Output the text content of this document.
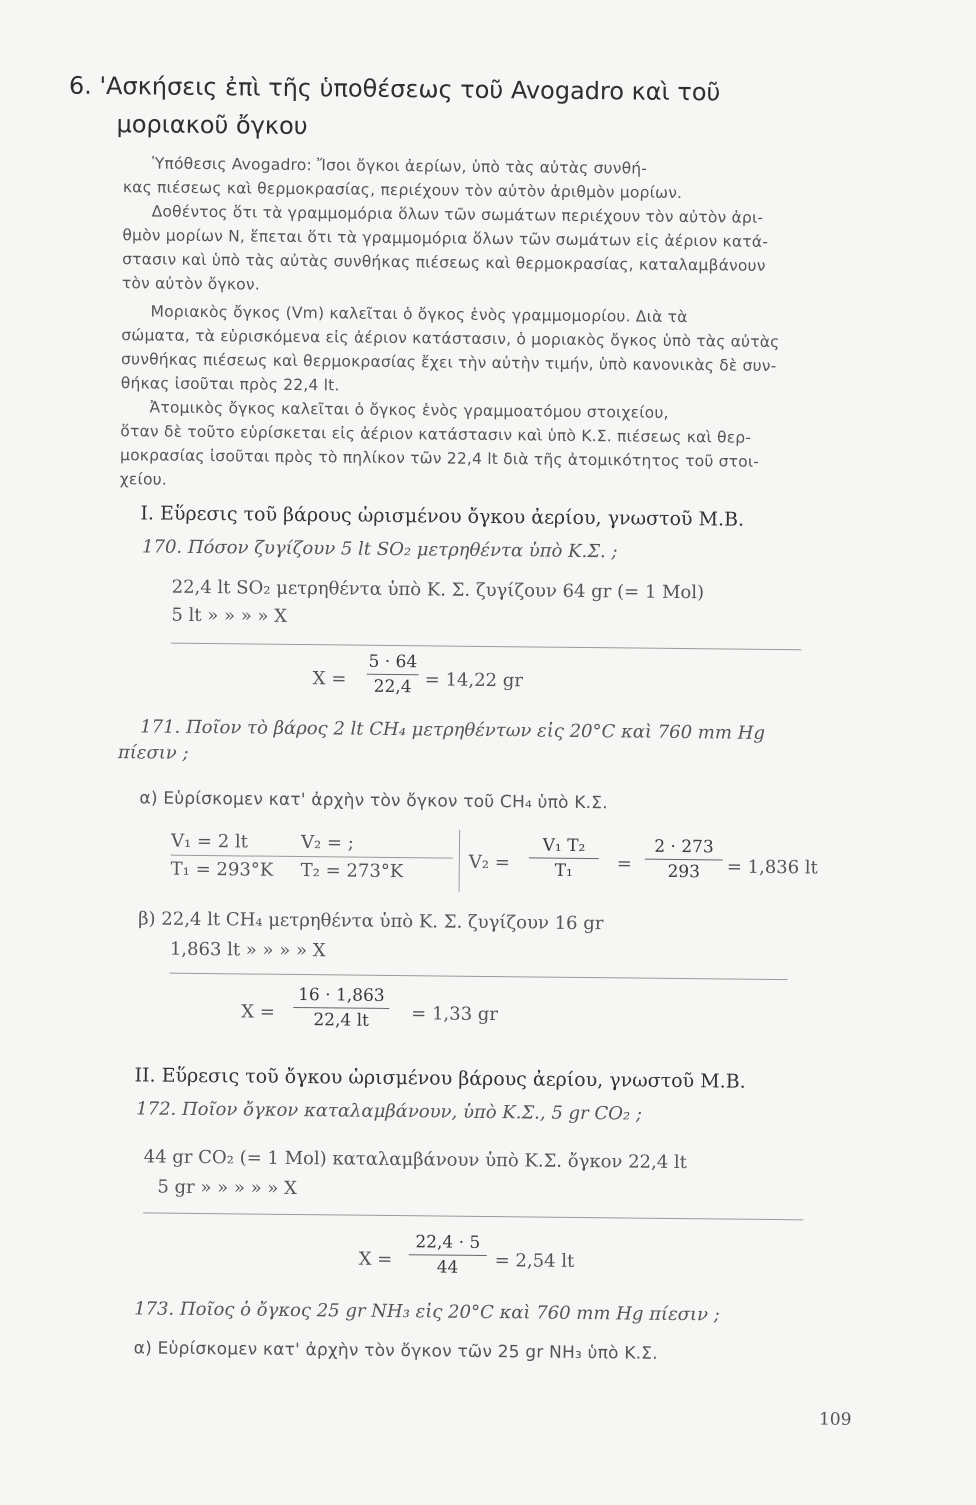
6. 'Ασκήσεις ἐπὶ τῆς ὑποθέσεως τοῦ Avogadro καὶ τοῦ
μοριακοῦ ὄγκου
Ὑπόθεσις Avogadro: Ἴσοι ὄγκοι ἀερίων, ὑπὸ τὰς αὐτὰς συνθή-
κας πιέσεως καὶ θερμοκρασίας, περιέχουν τὸν αὐτὸν ἀριθμὸν μορίων.
Δοθέντος ὅτι τὰ γραμμομόρια ὅλων τῶν σωμάτων περιέχουν τὸν αὐτὸν ἀρι-
θμὸν μορίων N, ἕπεται ὅτι τὰ γραμμομόρια ὅλων τῶν σωμάτων εἰς ἀέριον κατά-
στασιν καὶ ὑπὸ τὰς αὐτὰς συνθήκας πιέσεως καὶ θερμοκρασίας, καταλαμβάνουν
τὸν αὐτὸν ὄγκον.
Μοριακὸς ὄγκος (Vm) καλεῖται ὁ ὄγκος ἑνὸς γραμμομορίου. Διὰ τὰ
σώματα, τὰ εὑρισκόμενα εἰς ἀέριον κατάστασιν, ὁ μοριακὸς ὄγκος ὑπὸ τὰς αὐτὰς
συνθήκας πιέσεως καὶ θερμοκρασίας ἔχει τὴν αὐτὴν τιμήν, ὑπὸ κανονικὰς δὲ συν-
θήκας ἰσοῦται πρὸς 22,4 lt.
Ἀτομικὸς ὄγκος καλεῖται ὁ ὄγκος ἑνὸς γραμμοατόμου στοιχείου,
ὅταν δὲ τοῦτο εὑρίσκεται εἰς ἀέριον κατάστασιν καὶ ὑπὸ Κ.Σ. πιέσεως καὶ θερ-
μοκρασίας ἰσοῦται πρὸς τὸ πηλίκον τῶν 22,4 lt διὰ τῆς ἀτομικότητος τοῦ στοι-
χείου.
I. Εὕρεσις τοῦ βάρους ὡρισμένου ὄγκου ἀερίου, γνωστοῦ Μ.Β.
170. Πόσον ζυγίζουν 5 lt SO₂ μετρηθέντα ὑπὸ Κ.Σ. ;
22,4 lt SO₂ μετρηθέντα ὑπὸ Κ. Σ. ζυγίζουν 64 gr (= 1 Mol)
5 lt » » » » X
X =
5 · 64
22,4 = 14,22 gr
171. Ποῖον τὸ βάρος 2 lt CH₄ μετρηθέντων εἰς 20°C καὶ 760 mm Hg
πίεσιν ;
α) Εὑρίσκομεν κατ' ἀρχὴν τὸν ὄγκον τοῦ CH₄ ὑπὸ Κ.Σ.
V₁ = 2 lt
T₁ = 293°K
V₂ = ;
T₂ = 273°K	V₂ =
V₁ T₂
T₁	=
2 · 273
293	= 1,836 lt
β) 22,4 lt CH₄ μετρηθέντα ὑπὸ Κ. Σ. ζυγίζουν 16 gr
1,863 lt » » » » X
X =
16 · 1,863
22,4 lt	= 1,33 gr
II. Εὕρεσις τοῦ ὄγκου ὡρισμένου βάρους ἀερίου, γνωστοῦ Μ.Β.
172. Ποῖον ὄγκον καταλαμβάνουν, ὑπὸ Κ.Σ., 5 gr CO₂ ;
44 gr CO₂ (= 1 Mol) καταλαμβάνουν ὑπὸ Κ.Σ. ὄγκον 22,4 lt
5 gr » » » » » X
X =
22,4 · 5
44	= 2,54 lt
173. Ποῖος ὁ ὄγκος 25 gr NH₃ εἰς 20°C καὶ 760 mm Hg πίεσιν ;
α) Εὑρίσκομεν κατ' ἀρχὴν τὸν ὄγκον τῶν 25 gr NH₃ ὑπὸ Κ.Σ.
109
